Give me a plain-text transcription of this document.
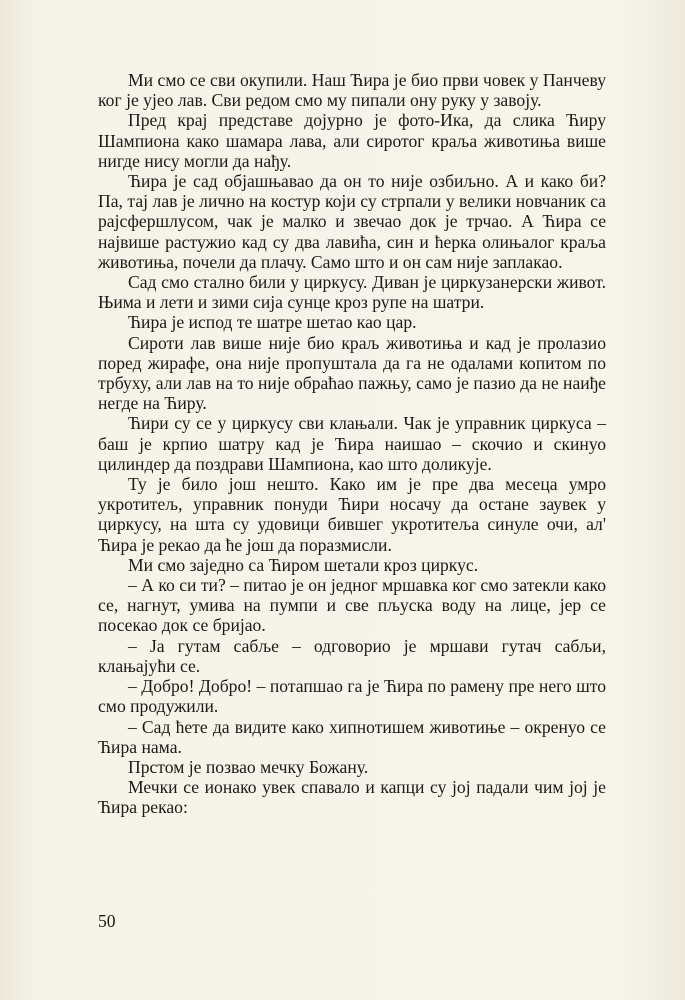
Ми смо се сви окупили. Наш Ћира је био први човек у Панчеву ког је ујео лав. Сви редом смо му пипали ону руку у завоју.

Пред крај представе дојурно је фото-Ика, да слика Ћиру Шампиона како шамара лава, али сиротог краља животиња више нигде нису могли да нађу.

Ћира је сад објашњавао да он то није озбиљно. А и како би? Па, тај лав је лично на костур који су стрпали у велики новчаник са рајсфершлусом, чак је малко и звечао док је трчао. А Ћира се највише растужио кад су два лавића, син и ћерка олињалог краља животиња, почели да плачу. Само што и он сам није заплакао.

Сад смо стално били у циркусу. Диван је циркузанерски живот. Њима и лети и зими сија сунце кроз рупе на шатри.

Ћира је испод те шатре шетао као цар.

Сироти лав више није био краљ животиња и кад је пролазио поред жирафе, она није пропуштала да га не одалами копитом по трбуху, али лав на то није обраћао пажњу, само је пазио да не наиђе негде на Ћиру.

Ћири су се у циркусу сви клањали. Чак је управник циркуса – баш је крпио шатру кад је Ћира наишао – скочио и скинуо цилиндер да поздрави Шампиона, као што доликује.

Ту је било још нешто. Како им је пре два месеца умро укротитељ, управник понуди Ћири носачу да остане заувек у циркусу, на шта су удовици бившег укротитеља синуле очи, ал' Ћира је рекао да ће још да поразмисли.

Ми смо заједно са Ћиром шетали кроз циркус.

– А ко си ти? – питао је он једног мршавка ког смо затекли како се, нагнут, умива на пумпи и све пљуска воду на лице, јер се посекао док се бријао.

– Ја гутам сабље – одговорио је мршави гутач сабљи, клањајући се.

– Добро! Добро! – потапшао га је Ћира по рамену пре него што смо продужили.

– Сад ћете да видите како хипнотишем животиње – окренуо се Ћира нама.

Прстом је позвао мечку Божану.

Мечки се ионако увек спавало и капци су јој падали чим јој је Ћира рекао:

50
